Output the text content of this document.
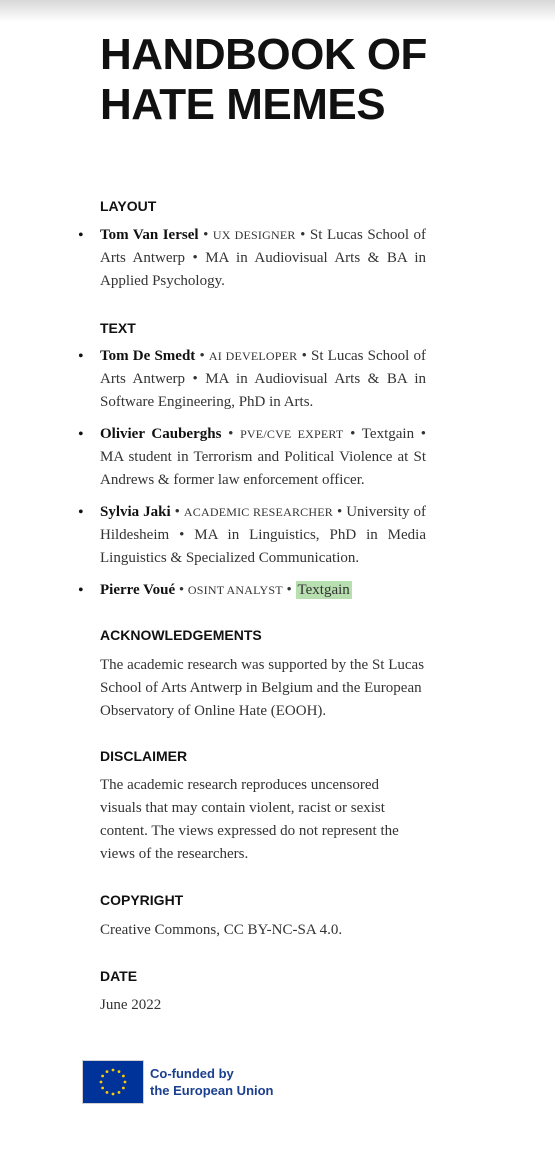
HANDBOOK OF

HATE MEMES

LAYOUT

• Tom Van Iersel • UX DESIGNER • St Lucas School of Arts Antwerp • MA in Audiovisual Arts & BA in Applied Psychology.

TEXT

• Tom De Smedt • AI DEVELOPER • St Lucas School of Arts Antwerp • MA in Audiovisual Arts & BA in Software Engineering, PhD in Arts.
• Olivier Cauberghs • PVE/CVE EXPERT • Textgain • MA student in Terrorism and Political Violence at St Andrews & former law enforcement officer.
• Sylvia Jaki • ACADEMIC RESEARCHER • University of Hildesheim • MA in Linguistics, PhD in Media Linguistics & Specialized Communication.
• Pierre Voué • OSINT ANALYST • Textgain

ACKNOWLEDGEMENTS

The academic research was supported by the St Lucas School of Arts Antwerp in Belgium and the European Observatory of Online Hate (EOOH).

DISCLAIMER

The academic research reproduces uncensored visuals that may contain violent, racist or sexist content. The views expressed do not represent the views of the researchers.

COPYRIGHT

Creative Commons, CC BY-NC-SA 4.0.

DATE

June 2022

Co-funded by
the European Union
